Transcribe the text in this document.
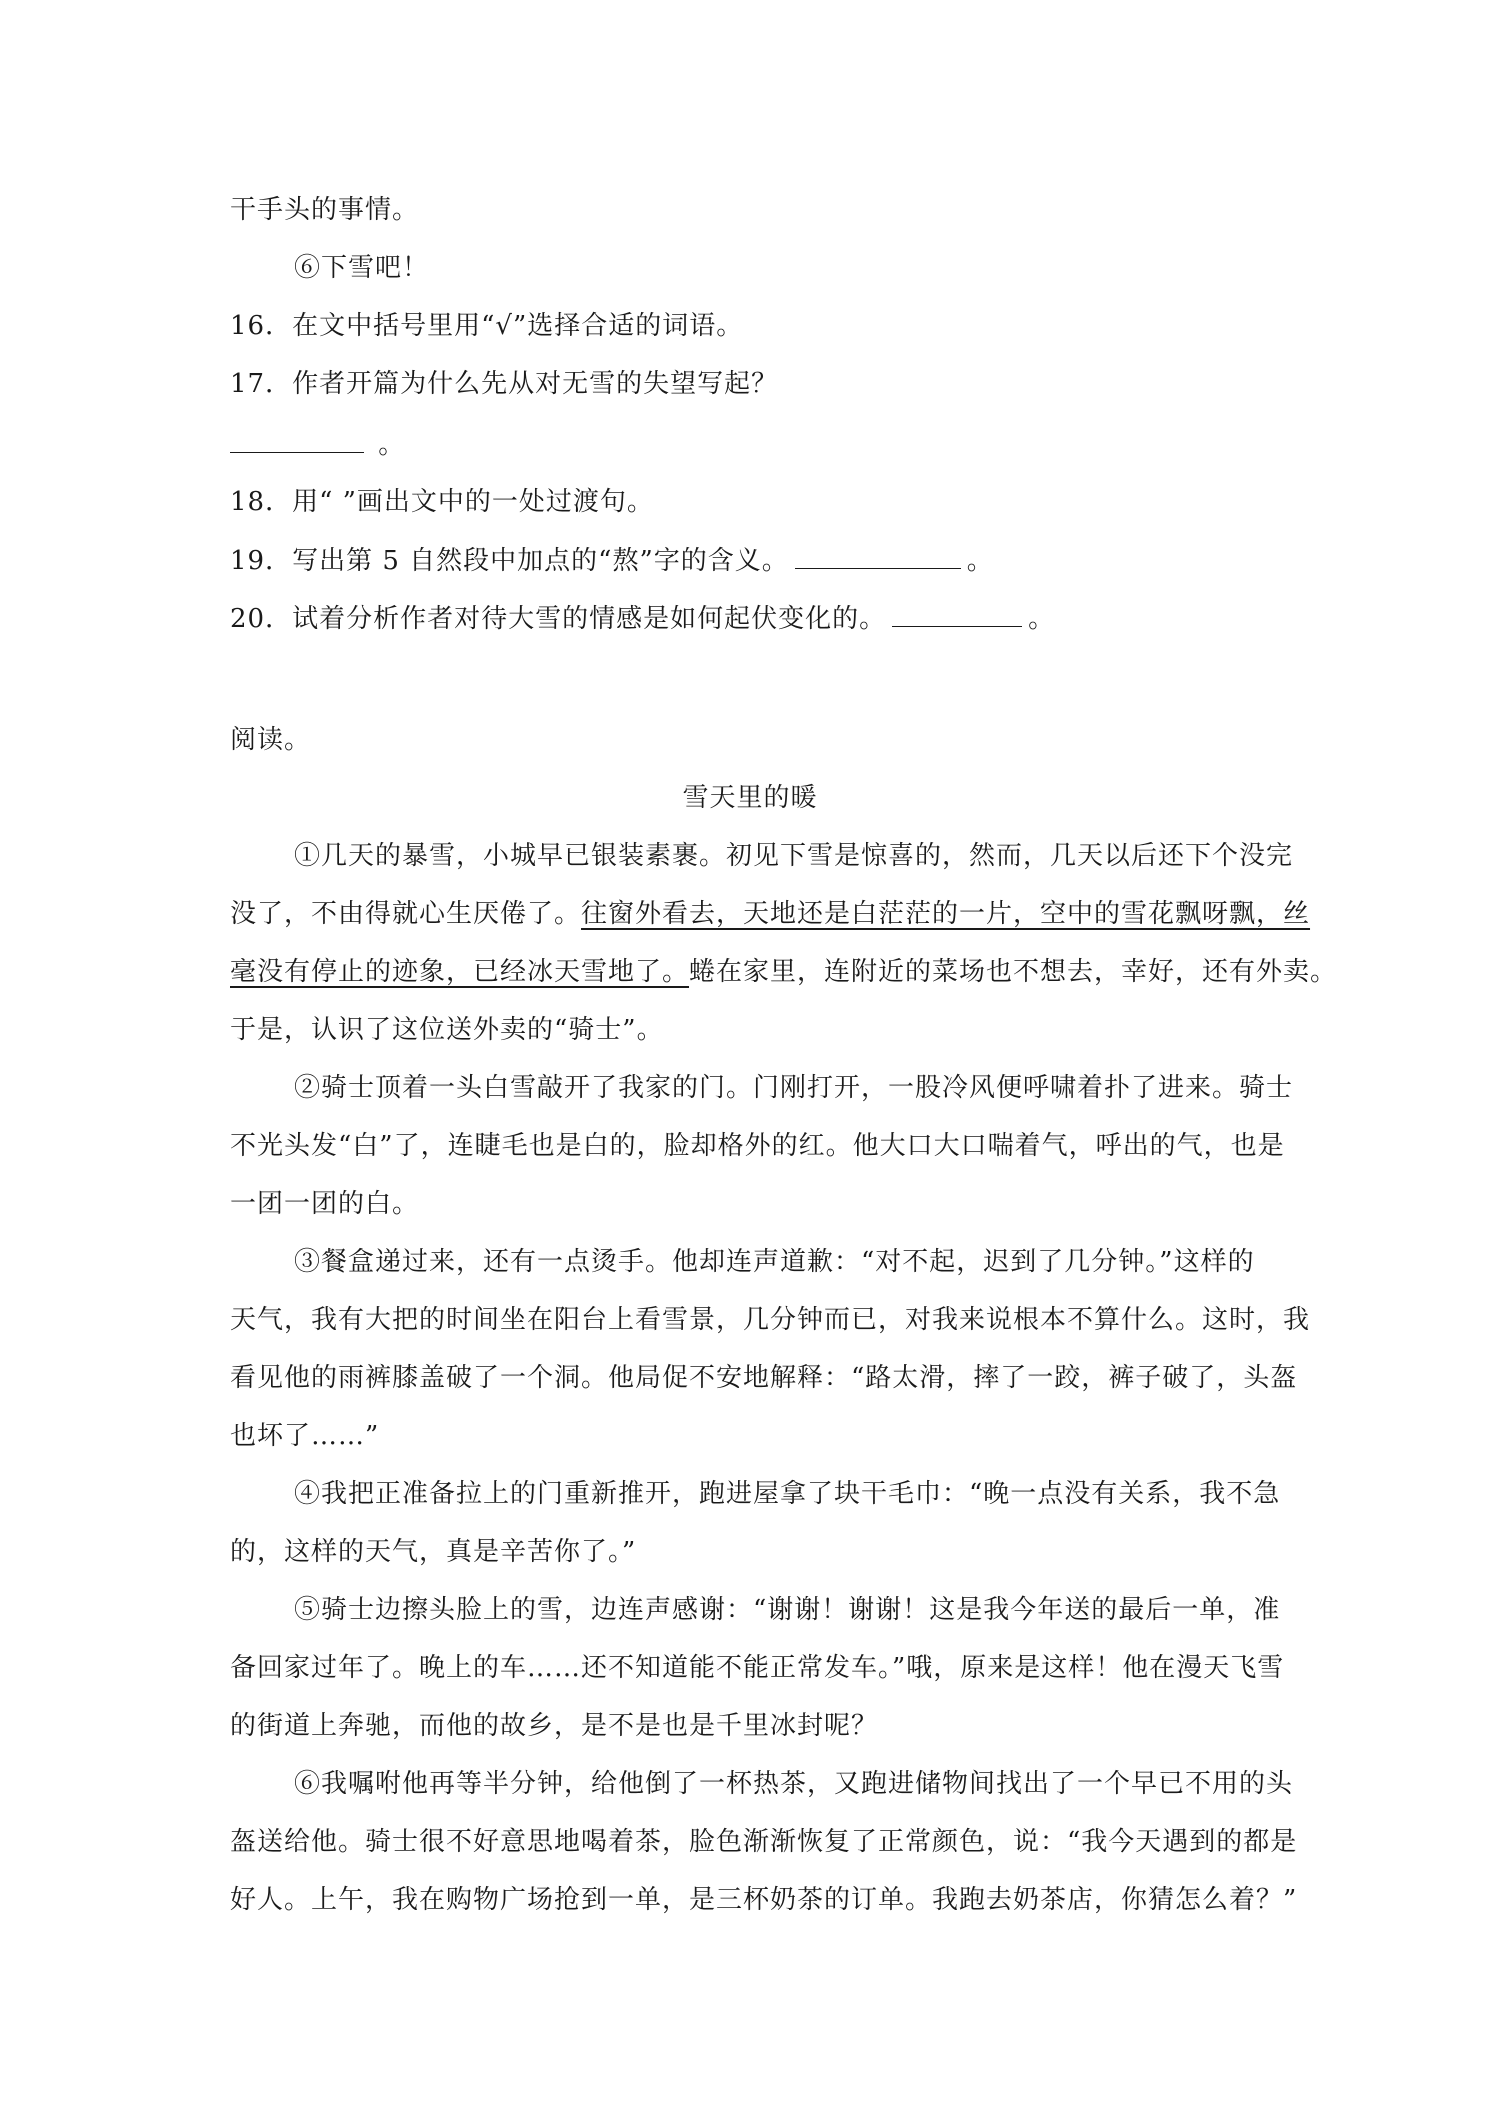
干手头的事情。
⑥下雪吧！
16．在文中括号里用“√”选择合适的词语。
17．作者开篇为什么先从对无雪的失望写起？
。
18．用“ ”画出文中的一处过渡句。
19．写出第 5 自然段中加点的“熬”字的含义。	。
20．试着分析作者对待大雪的情感是如何起伏变化的。	。
阅读。
雪天里的暖
①几天的暴雪，小城早已银装素裹。初见下雪是惊喜的，然而，几天以后还下个没完
没了，不由得就心生厌倦了。往窗外看去，天地还是白茫茫的一片，空中的雪花飘呀飘，丝
毫没有停止的迹象，已经冰天雪地了。蜷在家里，连附近的菜场也不想去，幸好，还有外卖。
于是，认识了这位送外卖的“骑士”。
②骑士顶着一头白雪敲开了我家的门。门刚打开，一股冷风便呼啸着扑了进来。骑士
不光头发“白”了，连睫毛也是白的，脸却格外的红。他大口大口喘着气，呼出的气，也是
一团一团的白。
③餐盒递过来，还有一点烫手。他却连声道歉：“对不起，迟到了几分钟。”这样的
天气，我有大把的时间坐在阳台上看雪景，几分钟而已，对我来说根本不算什么。这时，我
看见他的雨裤膝盖破了一个洞。他局促不安地解释：“路太滑，摔了一跤，裤子破了，头盔
也坏了……”
④我把正准备拉上的门重新推开，跑进屋拿了块干毛巾：“晚一点没有关系，我不急
的，这样的天气，真是辛苦你了。”
⑤骑士边擦头脸上的雪，边连声感谢：“谢谢！谢谢！这是我今年送的最后一单，准
备回家过年了。晚上的车……还不知道能不能正常发车。”哦，原来是这样！他在漫天飞雪
的街道上奔驰，而他的故乡，是不是也是千里冰封呢？
⑥我嘱咐他再等半分钟，给他倒了一杯热茶，又跑进储物间找出了一个早已不用的头
盔送给他。骑士很不好意思地喝着茶，脸色渐渐恢复了正常颜色，说：“我今天遇到的都是
好人。上午，我在购物广场抢到一单，是三杯奶茶的订单。我跑去奶茶店，你猜怎么着？”
